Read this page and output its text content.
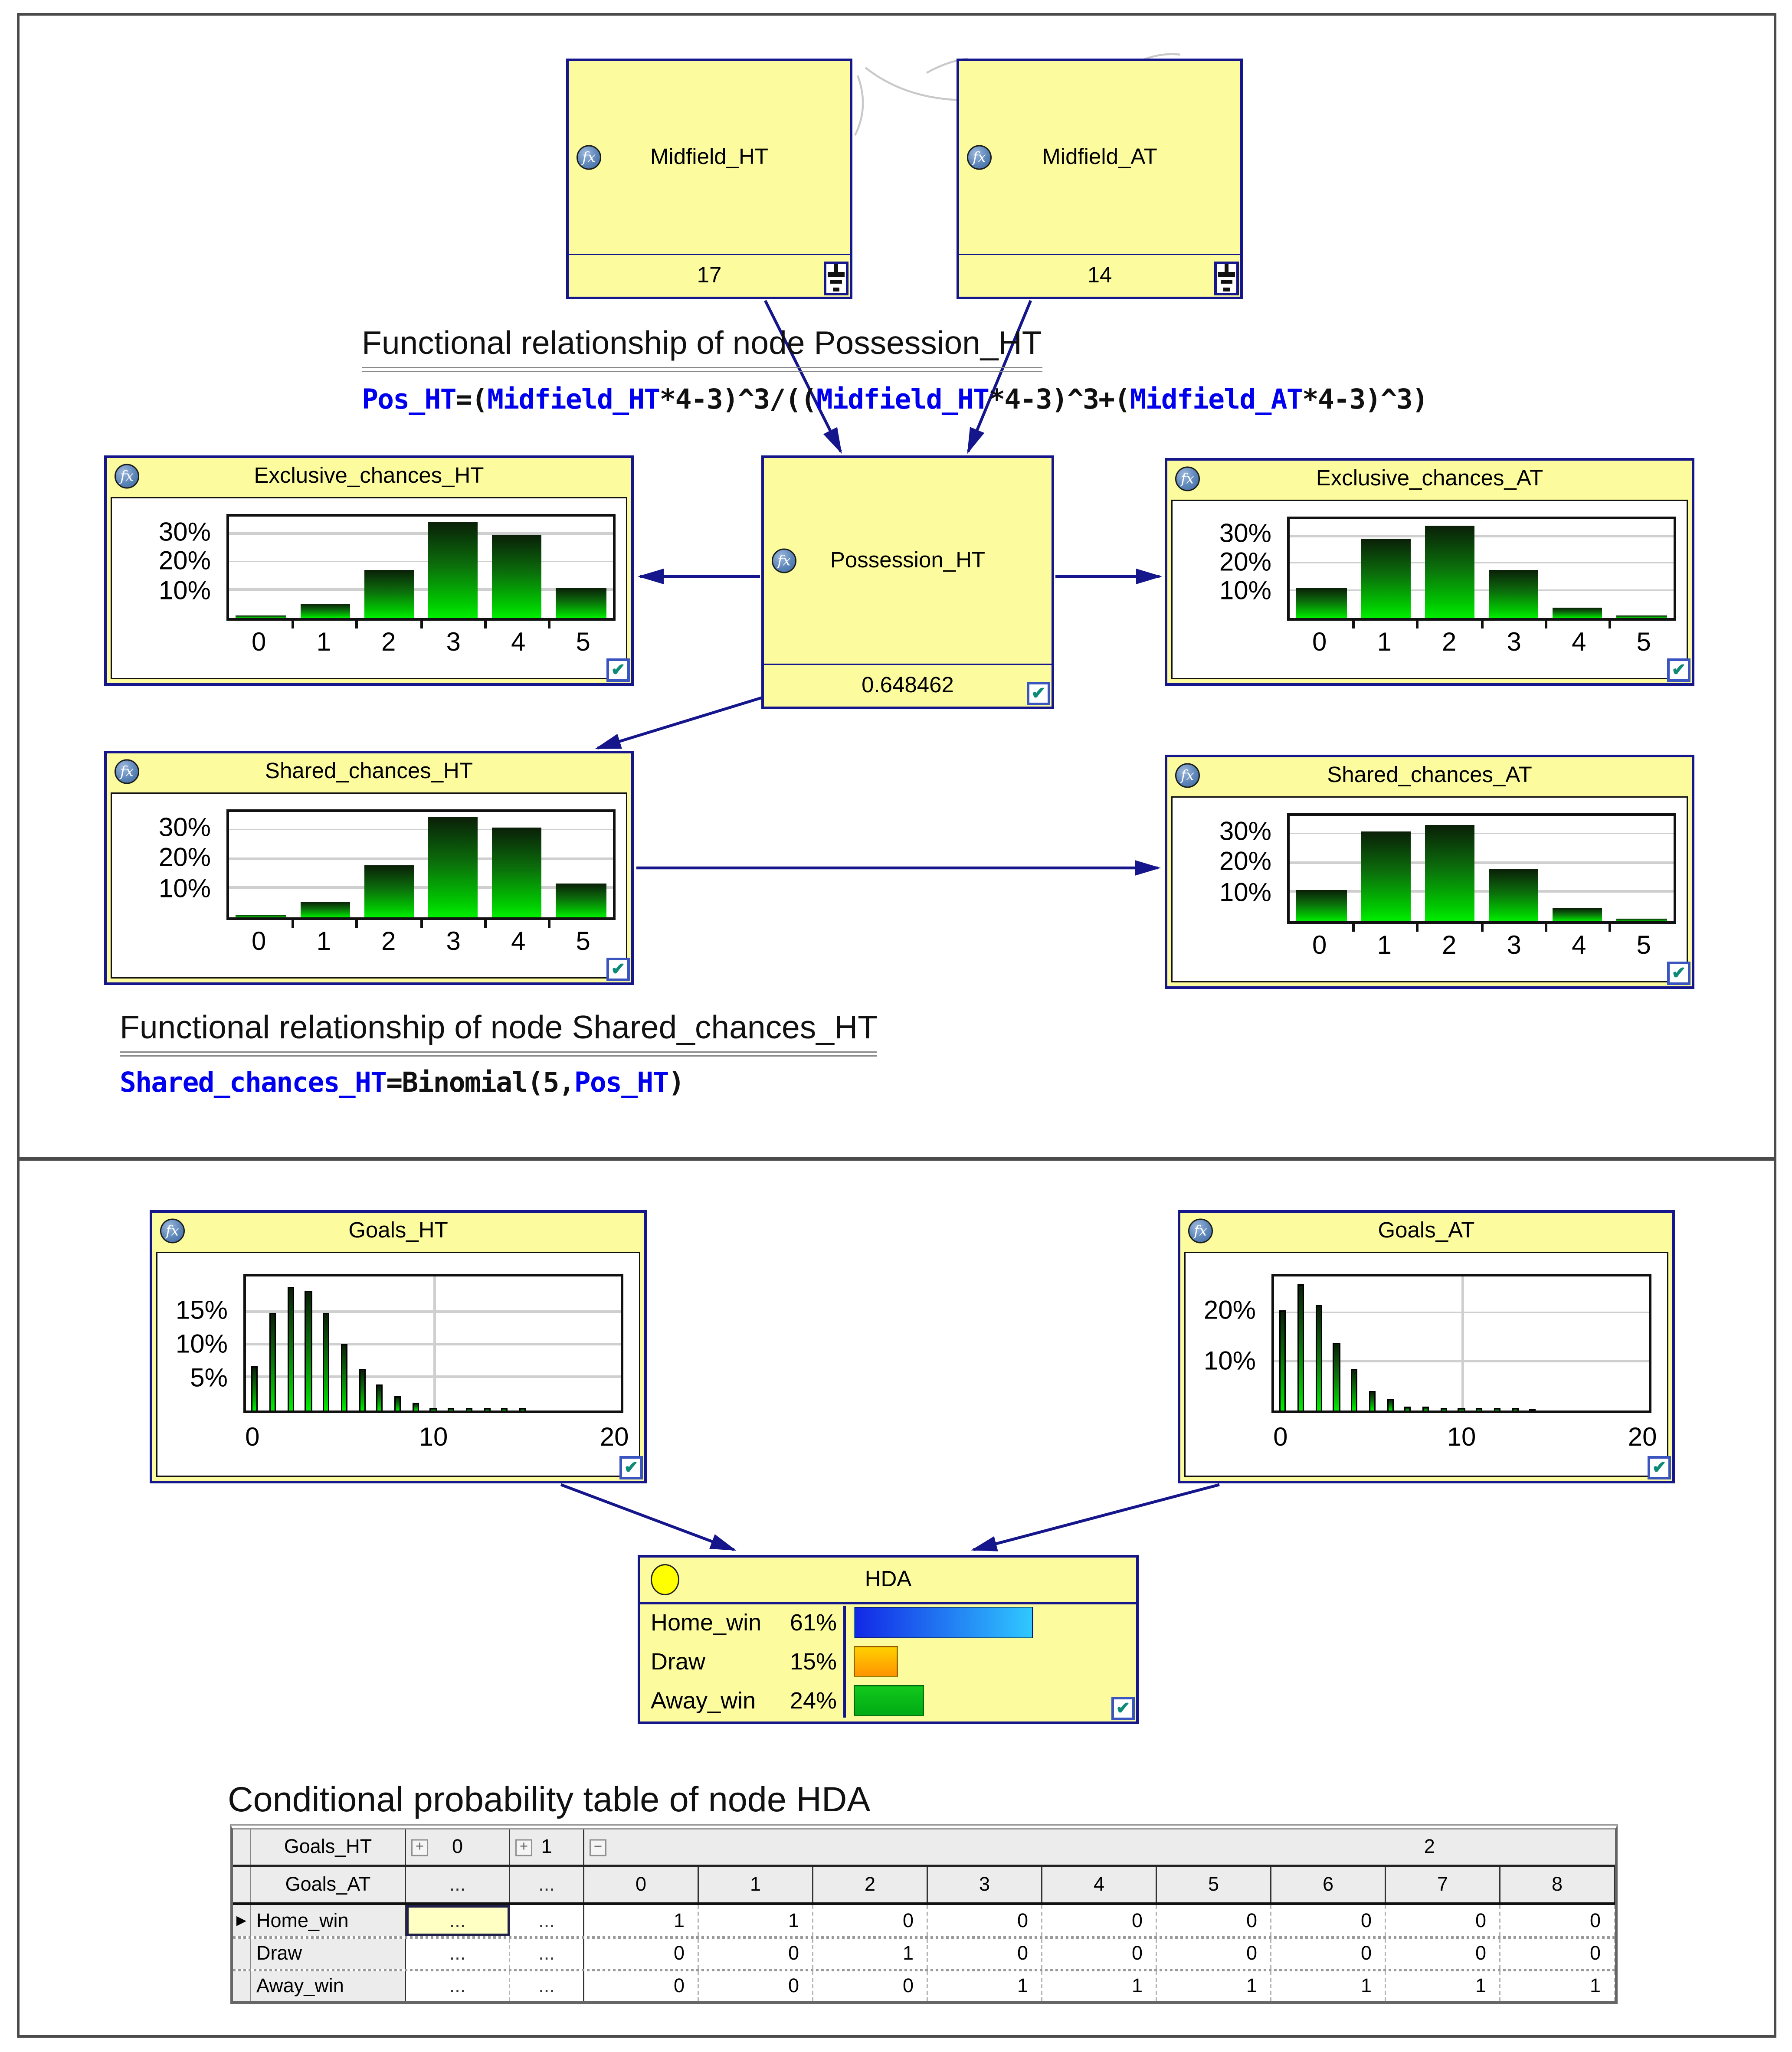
fx	Midfield_HT
17
fx	Midfield_AT
14
Functional relationship of node Possession_HT
Pos_HT=(Midfield_HT*4-3)^3/((Midfield_HT*4-3)^3+(Midfield_AT*4-3)^3)
fx	Exclusive_chances_HT
30%
20%
10%
0	1	2	3	4	5
✔
fx	Possession_HT
0.648462	✔
fx	Exclusive_chances_AT
30%
20%
10%
0	1	2	3	4	5
✔
fx	Shared_chances_HT
30%
20%
10%
0	1	2	3	4	5
✔
fx	Shared_chances_AT
30%
20%
10%
0	1	2	3	4	5
✔
Functional relationship of node Shared_chances_HT
Shared_chances_HT=Binomial(5,Pos_HT)
fx	Goals_HT
15%
10%
5%
0	10	20
✔
fx	Goals_AT
20%
10%
0	10	20
✔
HDA
Home_win	61%
Draw	15%
Away_win	24%	✔
Conditional probability table of node HDA
Goals_HT	+	0	+	1	−	2
Goals_AT	...	...	0	1	2	3	4	5	6	7	8
▶	Home_win	...	...	1	1	0	0	0	0	0	0	0
Draw	...	...	0	0	1	0	0	0	0	0	0
Away_win	...	...	0	0	0	1	1	1	1	1	1
